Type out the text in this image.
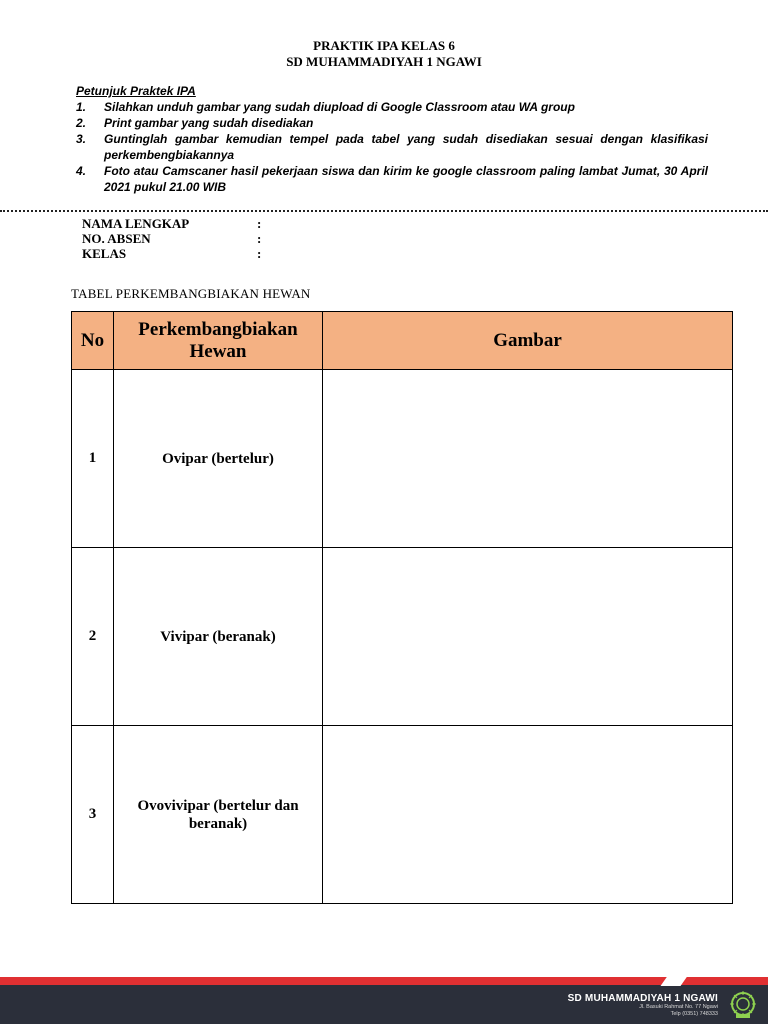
PRAKTIK IPA KELAS 6
SD MUHAMMADIYAH 1 NGAWI
Petunjuk Praktek IPA
1. Silahkan unduh gambar yang sudah diupload di Google Classroom atau WA group
2. Print gambar yang sudah disediakan
3. Guntinglah gambar kemudian tempel pada tabel yang sudah disediakan sesuai dengan klasifikasi perkembengbiakannya
4. Foto atau Camscaner hasil pekerjaan siswa dan kirim ke google classroom paling lambat Jumat, 30 April 2021 pukul 21.00 WIB
NAMA LENGKAP	:
NO. ABSEN	:
KELAS	:
TABEL PERKEMBANGBIAKAN HEWAN
No	Perkembangbiakan Hewan	Gambar
1	Ovipar (bertelur)	

2	Vivipar (beranak)	

3	Ovovivipar (bertelur dan beranak)	

SD MUHAMMADIYAH 1 NGAWI
Jl. Basuki Rahmat No. 77 Ngawi
Telp (0351) 748333
